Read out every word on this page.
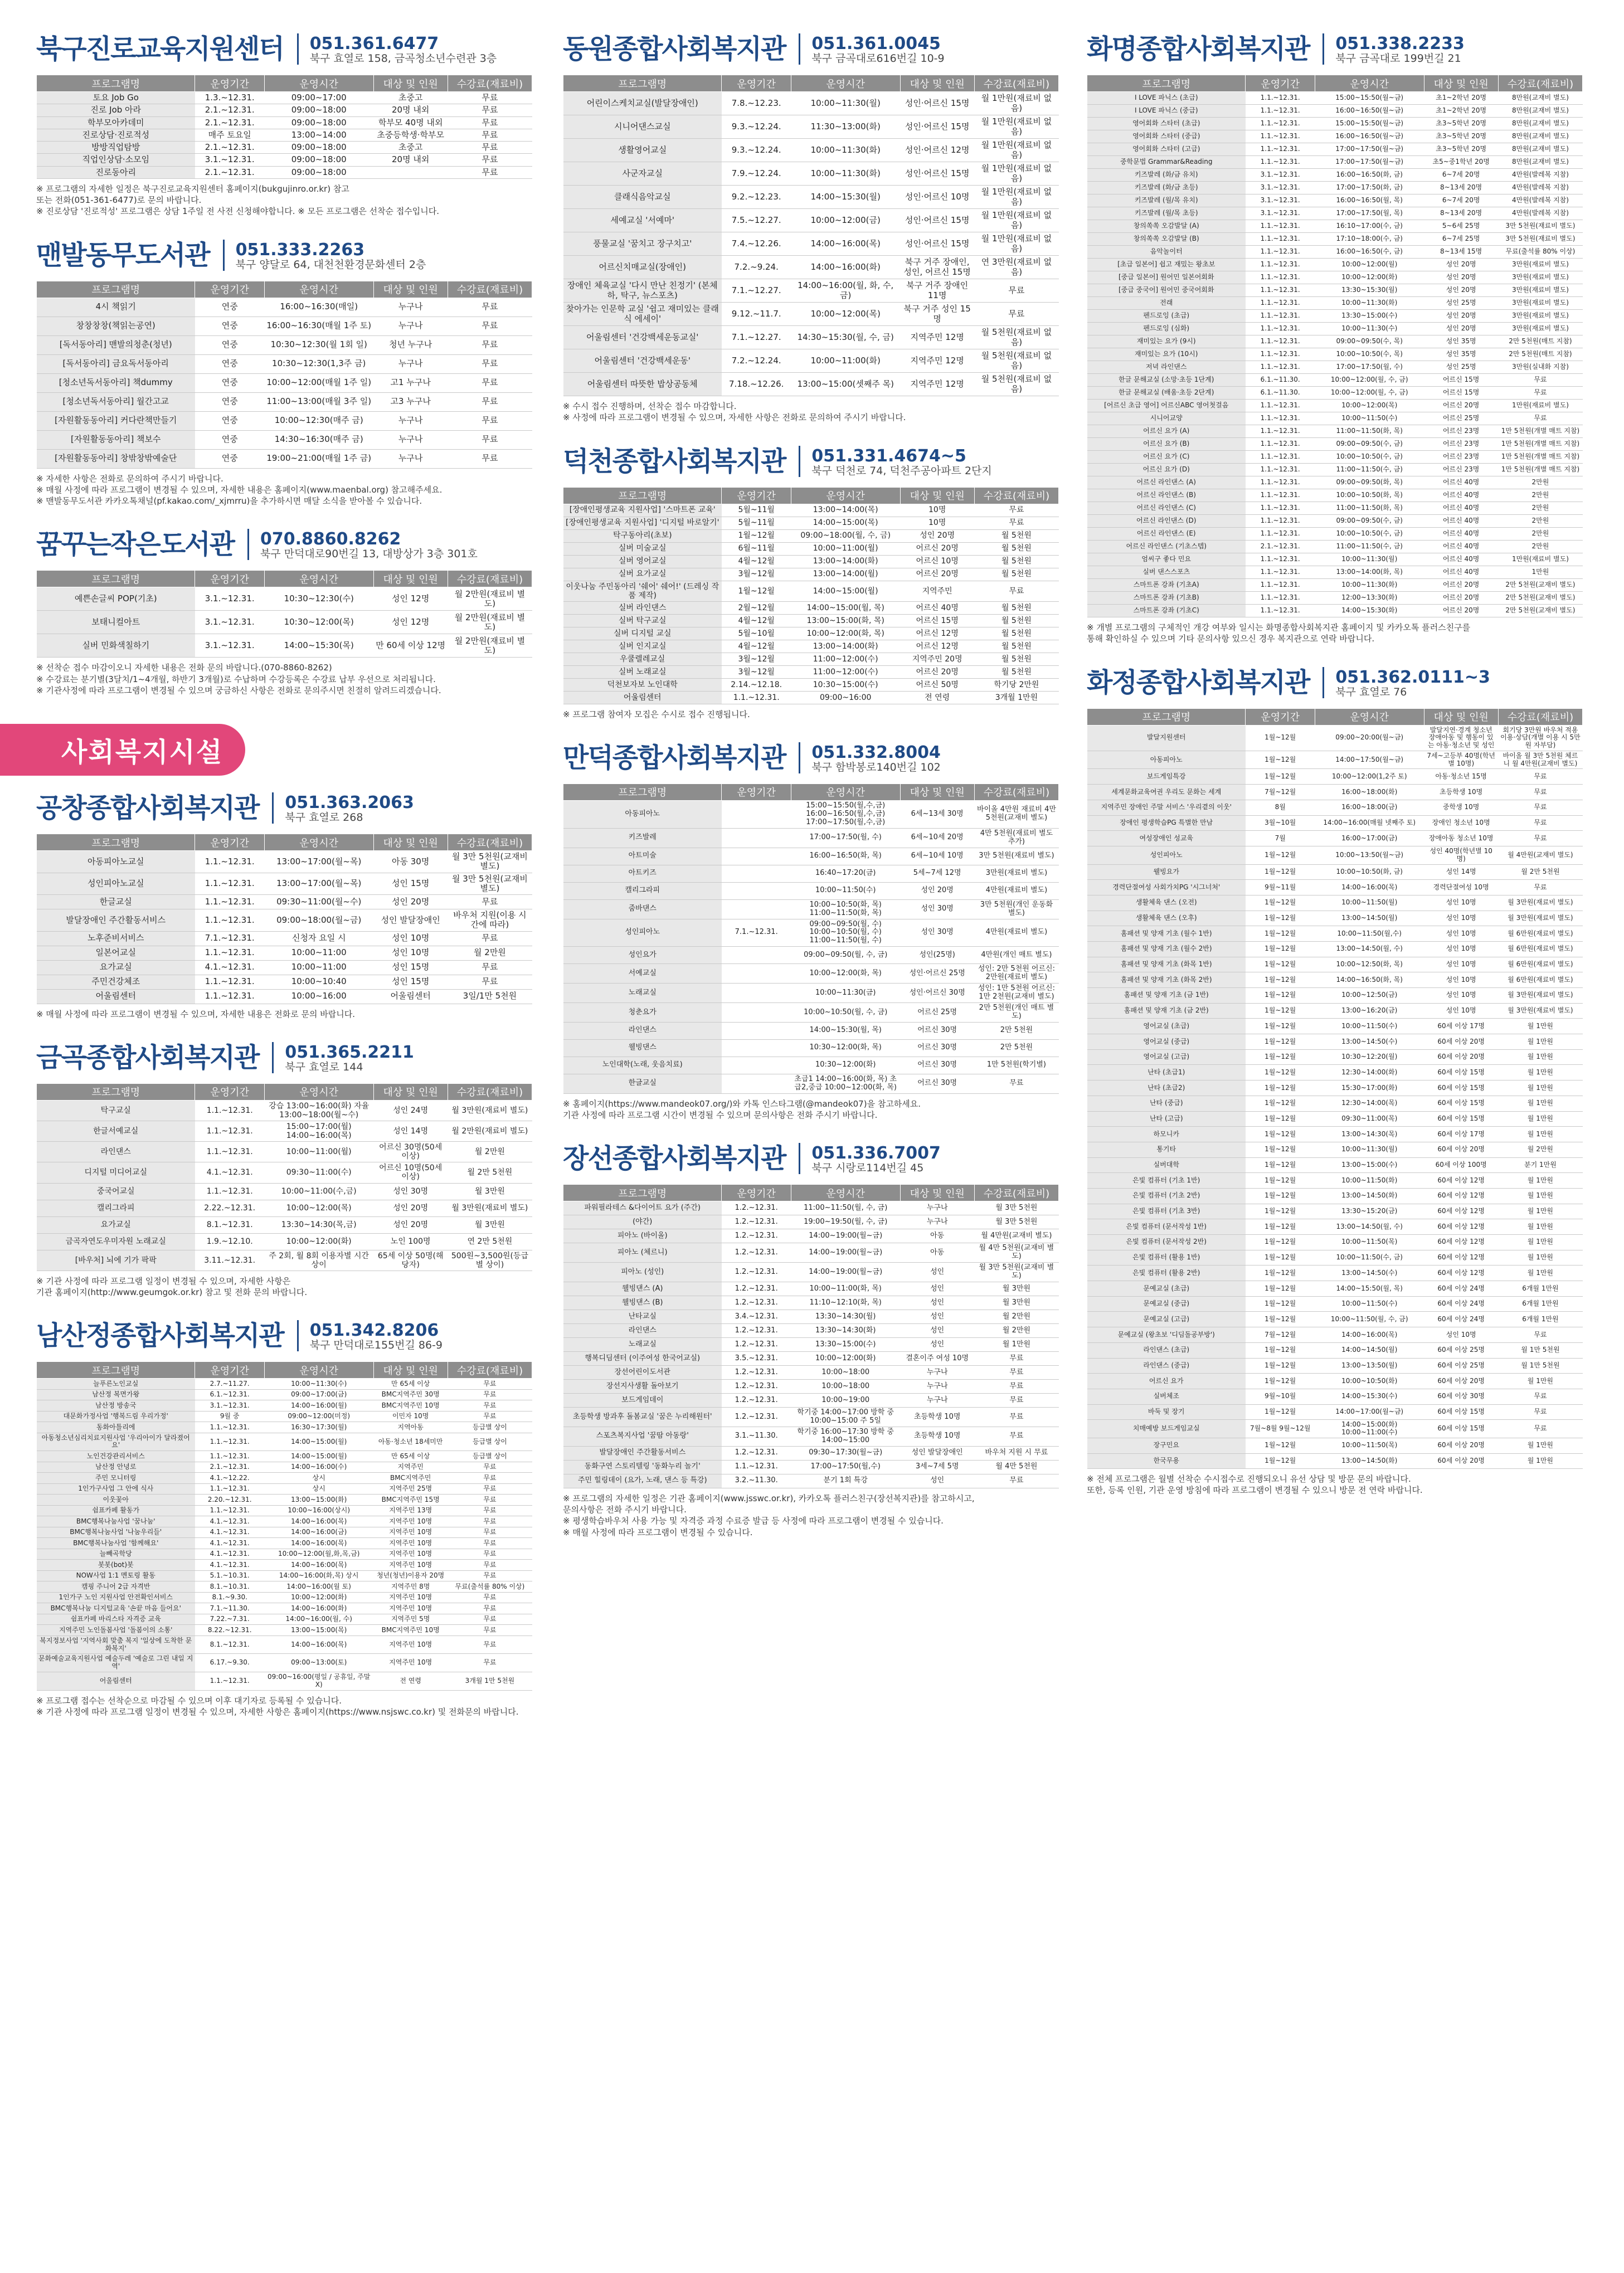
북구진로교육지원센터	051.361.6477
북구 효열로 158, 금곡청소년수련관 3층
프로그램명	운영기간	운영시간	대상 및 인원	수강료(재료비)
토요 Job Go	1.3.~12.31.	09:00~17:00	초중고	무료
진로 Job 아라	2.1.~12.31.	09:00~18:00	20명 내외	무료
학부모아카데미	2.1.~12.31.	09:00~18:00	학부모 40명 내외	무료
진로상담·진로적성	매주 토요일	13:00~14:00	초중등학생·학부모	무료
방방직업탐방	2.1.~12.31.	09:00~18:00	초중고	무료
직업인상담·소모임	3.1.~12.31.	09:00~18:00	20명 내외	무료
진로동아리	2.1.~12.31.	09:00~18:00		무료
※ 프로그램의 자세한 일정은 북구진로교육지원센터 홈페이지(bukgujinro.or.kr) 참고
또는 전화(051-361-6477)로 문의 바랍니다.
※ 진로상담 '진로적성' 프로그램은 상담 1주일 전 사전 신청해야합니다. ※ 모든 프로그램은 선착순 접수입니다.
맨발동무도서관	051.333.2263
북구 양달로 64, 대천천환경문화센터 2층
프로그램명	운영기간	운영시간	대상 및 인원	수강료(재료비)
4시 책읽기	연중	16:00~16:30(매일)	누구나	무료
창창창창(책읽는공연)	연중	16:00~16:30(매월 1주 토)	누구나	무료
[독서동아리] 맨발의청춘(청년)	연중	10:30~12:30(월 1회 일)	청년 누구나	무료
[독서동아리] 금요독서동아리	연중	10:30~12:30(1,3주 금)	누구나	무료
[청소년독서동아리] 책dummy	연중	10:00~12:00(매월 1주 일)	고1 누구나	무료
[청소년독서동아리] 월간고교	연중	11:00~13:00(매월 3주 일)	고3 누구나	무료
[자원활동동아리] 커다란책만들기	연중	10:00~12:30(매주 금)	누구나	무료
[자원활동동아리] 책보수	연중	14:30~16:30(매주 금)	누구나	무료
[자원활동동아리] 창밖창밖예술단	연중	19:00~21:00(매월 1주 금)	누구나	무료
※ 자세한 사항은 전화로 문의하여 주시기 바랍니다.
※ 매월 사정에 따라 프로그램이 변경될 수 있으며, 자세한 내용은 홈페이지(www.maenbal.org) 참고해주세요.
※ 맨발동무도서관 카카오톡채널(pf.kakao.com/_xjmrru)을 추가하시면 매달 소식을 받아볼 수 있습니다.
꿈꾸는작은도서관	070.8860.8262
북구 만덕대로90번길 13, 대방상가 3층 301호
프로그램명	운영기간	운영시간	대상 및 인원	수강료(재료비)
예쁜손글씨 POP(기초)	3.1.~12.31.	10:30~12:30(수)	성인 12명	월 2만원(재료비 별도)
보태니컬아트	3.1.~12.31.	10:30~12:00(목)	성인 12명	월 2만원(재료비 별도)
실버 민화색칠하기	3.1.~12.31.	14:00~15:30(목)	만 60세 이상 12명	월 2만원(재료비 별도)
※ 선착순 접수 마감이오니 자세한 내용은 전화 문의 바랍니다.(070-8860-8262)
※ 수강료는 분기별(3달치/1~4개월, 하반기 3개월)로 수납하며 수강등록은 수강료 납부 우선으로 처리됩니다.
※ 기관사정에 따라 프로그램이 변경될 수 있으며 궁금하신 사항은 전화로 문의주시면 친절히 알려드리겠습니다.
사회복지시설
공창종합사회복지관	051.363.2063
북구 효열로 268
프로그램명	운영기간	운영시간	대상 및 인원	수강료(재료비)
아동피아노교실	1.1.~12.31.	13:00~17:00(월~목)	아동 30명	월 3만 5천원(교재비 별도)
성인피아노교실	1.1.~12.31.	13:00~17:00(월~목)	성인 15명	월 3만 5천원(교재비 별도)
한글교실	1.1.~12.31.	09:30~11:00(월~수)	성인 20명	무료
발달장애인 주간활동서비스	1.1.~12.31.	09:00~18:00(월~금)	성인 발달장애인	바우처 지원(이용 시간에 따라)
노후준비서비스	7.1.~12.31.	신청자 요일 시	성인 10명	무료
일본어교실	1.1.~12.31.	10:00~11:00	성인 10명	월 2만원
요가교실	4.1.~12.31.	10:00~11:00	성인 15명	무료
주민건강체조	1.1.~12.31.	10:00~10:40	성인 15명	무료
어울림센터	1.1.~12.31.	10:00~16:00	어울림센터	3일/1만 5천원
※ 매월 사정에 따라 프로그램이 변경될 수 있으며, 자세한 내용은 전화로 문의 바랍니다.
금곡종합사회복지관	051.365.2211
북구 효열로 144
프로그램명	운영기간	운영시간	대상 및 인원	수강료(재료비)
탁구교실	1.1.~12.31.	강습 13:00~16:00(화) 자율 13:00~18:00(월~수)	성인 24명	월 3만원(재료비 별도)
한글서예교실	1.1.~12.31.	15:00~17:00(월) 14:00~16:00(목)	성인 14명	월 2만원(재료비 별도)
라인댄스	1.1.~12.31.	10:00~11:00(월)	어르신 30명(50세 이상)	월 2만원
디지털 미디어교실	4.1.~12.31.	09:30~11:00(수)	어르신 10명(50세 이상)	월 2만 5천원
중국어교실	1.1.~12.31.	10:00~11:00(수,금)	성인 30명	월 3만원
캘리그라피	2.22.~12.31.	10:00~12:00(목)	성인 20명	월 3만원(재료비 별도)
요가교실	8.1.~12.31.	13:30~14:30(목,금)	성인 20명	월 3만원
금곡자연도우미자원 노래교실	1.9.~12.10.	10:00~12:00(화)	노인 100명	연 2만 5천원
[바우처] 뇌에 기가 팍팍	3.11.~12.31.	주 2회, 월 8회 이용자별 시간 상이	65세 이상 50명(해당자)	500원~3,500원(등급별 상이)
※ 기관 사정에 따라 프로그램 일정이 변경될 수 있으며, 자세한 사항은
기관 홈페이지(http://www.geumgok.or.kr) 참고 및 전화 문의 바랍니다.
남산정종합사회복지관	051.342.8206
북구 만덕대로155번길 86-9
프로그램명	운영기간	운영시간	대상 및 인원	수강료(재료비)
늘푸른노인교실	2.7.~11.27.	10:00~11:30(수)	만 65세 이상	무료
남산정 복면가왕	6.1.~12.31.	09:00~17:00(금)	BMC지역주민 30명	무료
남산정 방송국	3.1.~12.31.	14:00~16:00(월)	BMC지역주민 10명	무료
대문화가정사업 '행복드림 우리가정'	9월 중	09:00~12:00(미정)	이민자 10명	무료
동화아틀리에	1.1.~12.31.	16:30~17:30(월)	지역아동	등급별 상이
아동청소년심리치료지원사업 '우리아이가 달라졌어요'	1.1.~12.31.	14:00~15:00(월)	아동·청소년 18세미만	등급별 상이
노인건강관리서비스	1.1.~12.31.	14:00~15:00(월)	만 65세 이상	등급별 상이
남산정 안녕로	2.1.~12.31.	14:00~16:00(수)	지역주민	무료
주민 모니터링	4.1.~12.22.	상시	BMC지역주민	무료
1인가구사업 그 안에 식사	1.1.~12.31.	상시	지역주민 25명	무료
이웃꽃아	2.20.~12.31.	13:00~15:00(화)	BMC지역주민 15명	무료
쉼표카페 활동가	1.1.~12.31.	10:00~16:00(상시)	지역주민 13명	무료
BMC행복나눔사업 '꿈나눔'	4.1.~12.31.	14:00~16:00(목)	지역주민 10명	무료
BMC행복나눔사업 '나눔우리들'	4.1.~12.31.	14:00~16:00(금)	지역주민 10명	무료
BMC행복나눔사업 '함께해요'	4.1.~12.31.	14:00~16:00(목)	지역주민 10명	무료
늘빼곡학당	4.1.~12.31.	10:00~12:00(월,화,목,금)	지역주민 10명	무료
봇봇(bot)봇	4.1.~12.31.	14:00~16:00(목)	지역주민 10명	무료
NOW사업 1:1 멘토링 활동	5.1.~10.31.	14:00~16:00(화,목) 상시	청년(청년)이용자 20명	무료
캠핑 주니어 2급 자격반	8.1.~10.31.	14:00~16:00(월 토)	지역주민 8명	무료(출석률 80% 이상)
1인가구 노인 지원사업 안전확인서비스	8.1.~9.30.	10:00~12:00(화)	지역주민 10명	무료
BMC행복나눔 디지털교육 '손끝 마음 들어요'	7.1.~11.30.	14:00~16:00(화)	지역주민 10명	무료
쉼표카페 바리스타 자격증 교육	7.22.~7.31.	14:00~16:00(월, 수)	지역주민 5명	무료
지역주민 노인돌봄사업 '돌봄이의 소통'	8.22.~12.31.	13:00~15:00(목)	BMC지역주민 10명	무료
복지정보사업 '지역사회 맞춤 복지 '일상에 도착한 문화복지'	8.1.~12.31.	14:00~16:00(목)	지역주민 10명	무료
문화예술교육지원사업 예술두레 '예술로 그린 내일 지역'	6.17.~9.30.	09:00~13:00(토)	지역주민 10명	무료
어울림센터	1.1.~12.31.	09:00~16:00(평일 / 공휴일, 주말X)	전 연령	3개월 1만 5천원
※ 프로그램 접수는 선착순으로 마감될 수 있으며 이후 대기자로 등록될 수 있습니다.
※ 기관 사정에 따라 프로그램 일정이 변경될 수 있으며, 자세한 사항은 홈페이지(https://www.nsjswc.co.kr) 및 전화문의 바랍니다.
동원종합사회복지관	051.361.0045
북구 금곡대로616번길 10-9
프로그램명	운영기간	운영시간	대상 및 인원	수강료(재료비)
어린이스케치교실(발달장애인)	7.8.~12.23.	10:00~11:30(월)	성인·어르신 15명	월 1만원(재료비 없음)
시니어댄스교실	9.3.~12.24.	11:30~13:00(화)	성인·어르신 15명	월 1만원(재료비 없음)
생활영어교실	9.3.~12.24.	10:00~11:30(화)	성인·어르신 12명	월 1만원(재료비 없음)
사군자교실	7.9.~12.24.	10:00~11:30(화)	성인·어르신 15명	월 1만원(재료비 없음)
클래식음악교실	9.2.~12.23.	14:00~15:30(월)	성인·어르신 10명	월 1만원(재료비 없음)
세예교실 '서예마'	7.5.~12.27.	10:00~12:00(금)	성인·어르신 15명	월 1만원(재료비 없음)
풍물교실 '꿈치고 장구치고'	7.4.~12.26.	14:00~16:00(목)	성인·어르신 15명	월 1만원(재료비 없음)
어르신치매교실(장애인)	7.2.~9.24.	14:00~16:00(화)	북구 거주 장애인, 성인, 어르신 15명	연 3만원(재료비 없음)
장애인 체육교실 '다시 만난 친정기' (본체하, 탁구, 뉴스포츠)	7.1.~12.27.	14:00~16:00(월, 화, 수, 금)	북구 거주 장애인 11명	무료
찾아가는 인문학 교실 '쉽고 재미있는 클래식 에세이'	9.12.~11.7.	10:00~12:00(목)	북구 거주 성인 15명	무료
어울림센터 '건강백세운동교실'	7.1.~12.27.	14:30~15:30(월, 수, 금)	지역주민 12명	월 5천원(재료비 없음)
어울림센터 '건강백세운동'	7.2.~12.24.	10:00~11:00(화)	지역주민 12명	월 5천원(재료비 없음)
어울림센터 따뜻한 밥상공동체	7.18.~12.26.	13:00~15:00(셋째주 목)	지역주민 12명	월 5천원(재료비 없음)
※ 수시 접수 진행하며, 선착순 접수 마감합니다.
※ 사정에 따라 프로그램이 변경될 수 있으며, 자세한 사항은 전화로 문의하여 주시기 바랍니다.
덕천종합사회복지관	051.331.4674~5
북구 덕천로 74, 덕천주공아파트 2단지
프로그램명	운영기간	운영시간	대상 및 인원	수강료(재료비)
[장애인평생교육 지원사업] '스마트폰 교육'	5월~11월	13:00~14:00(목)	10명	무료
[장애인평생교육 지원사업] '디지털 바로알기'	5월~11월	14:00~15:00(목)	10명	무료
탁구동아리(초보)	1월~12월	09:00~18:00(월, 수, 금)	성인 20명	월 5천원
실버 미술교실	6월~11월	10:00~11:00(월)	어르신 20명	월 5천원
실버 영어교실	4월~12월	13:00~14:00(화)	어르신 10명	월 5천원
실버 요가교실	3월~12월	13:00~14:00(월)	어르신 20명	월 5천원
이웃나눔 주민동아리 '쉐어' 쉐어!' (드레싱 작품 제작)	1월~12월	14:00~15:00(월)	지역주민	무료
실버 라인댄스	2월~12월	14:00~15:00(월, 목)	어르신 40명	월 5천원
실버 탁구교실	4월~12월	13:00~15:00(화, 목)	어르신 15명	월 5천원
실버 디지털 교실	5월~10월	10:00~12:00(화, 목)	어르신 12명	월 5천원
실버 인지교실	4월~12월	13:00~14:00(화)	어르신 12명	월 5천원
우쿨렐레교실	3월~12월	11:00~12:00(수)	지역주민 20명	월 5천원
실버 노래교실	3월~12월	11:00~12:00(수)	어르신 20명	월 5천원
덕천보자보 노인대학	2.14.~12.18.	10:30~15:00(수)	어르신 50명	학기당 2만원
어울림센터	1.1.~12.31.	09:00~16:00	전 연령	3개월 1만원
※ 프로그램 참여자 모집은 수시로 접수 진행됩니다.
만덕종합사회복지관	051.332.8004
북구 함박봉로140번길 102
프로그램명	운영기간	운영시간	대상 및 인원	수강료(재료비)
아동피아노		15:00~15:50(월,수,금) 16:00~16:50(월,수,금) 17:00~17:50(월,수,금)	6세~13세 30명	바이올 4만원 재료비 4만 5천원(교재비 별도)
키즈발레		17:00~17:50(월, 수)	6세~10세 20명	4만 5천원(재료비 별도 추가)
아트미술		16:00~16:50(화, 목)	6세~10세 10명	3만 5천원(재료비 별도)
아트키즈		16:40~17:20(금)	5세~7세 12명	3만원(재료비 별도)
캘리그라피		10:00~11:50(수)	성인 20명	4만원(재료비 별도)
줌바댄스		10:00~10:50(화, 목) 11:00~11:50(화, 목)	성인 30명	3만 5천원(개인 운동화 별도)
성인피아노	7.1.~12.31.	09:00~09:50(월, 수) 10:00~10:50(월, 수) 11:00~11:50(월, 수)	성인 30명	4만원(재료비 별도)
성인요가		09:00~09:50(월, 수, 금)	성인(25명)	4만원(개인 매트 별도)
서예교실		10:00~12:00(화, 목)	성인·어르신 25명	성인: 2만 5천원 어르신: 2만원(재료비 별도)
노래교실		10:00~11:30(금)	성인·어르신 30명	성인: 1만 5천원 어르신: 1만 2천원(교재비 별도)
청춘요가		10:00~10:50(월, 수, 금)	어르신 25명	2만 5천원(개인 매트 별도)
라인댄스		14:00~15:30(월, 목)	어르신 30명	2만 5천원
웰빙댄스		10:30~12:00(화, 목)	어르신 30명	2만 5천원
노인대학(노래, 웃음치료)		10:30~12:00(화)	어르신 30명	1만 5천원(학기별)
한글교실		초급1 14:00~16:00(화, 목) 초급2,중급 10:00~12:00(화, 목)	어르신 30명	무료
※ 홈페이지(https://www.mandeok07.org/)와 카톡 인스타그램(@mandeok07)을 참고하세요.
기관 사정에 따라 프로그램 시간이 변경될 수 있으며 문의사항은 전화 주시기 바랍니다.
장선종합사회복지관	051.336.7007
북구 시랑로114번길 45
프로그램명	운영기간	운영시간	대상 및 인원	수강료(재료비)
파워필라테스 &다이어트 요가 (주간)	1.2.~12.31.	11:00~11:50(월, 수, 금)	누구나	월 3만 5천원
(야간)	1.2.~12.31.	19:00~19:50(월, 수, 금)	누구나	월 3만 5천원
피아노 (바이올)	1.2.~12.31.	14:00~19:00(월~금)	아동	월 4만원(교재비 별도)
피아노 (체르니)	1.2.~12.31.	14:00~19:00(월~금)	아동	월 4만 5천원(교재비 별도)
피아노 (성인)	1.2.~12.31.	14:00~19:00(월~금)	성인	월 3만 5천원(교재비 별도)
웰빙댄스 (A)	1.2.~12.31.	10:00~11:00(화, 목)	성인	월 3만원
웰빙댄스 (B)	1.2.~12.31.	11:10~12:10(화, 목)	성인	월 3만원
난타교실	3.4.~12.31.	13:30~14:30(월)	성인	월 2만원
라인댄스	1.2.~12.31.	13:30~14:30(화)	성인	월 2만원
노래교실	1.2.~12.31.	13:30~15:00(수)	성인	월 1만원
행복디딤센터 (이주여성 한국어교실)	3.5.~12.31.	10:00~12:00(화)	결혼이주 여성 10명	무료
장선어린이도서관	1.2.~12.31.	10:00~18:00	누구나	무료
장선지사생활 돌아보기	1.2.~12.31.	10:00~18:00	누구나	무료
보드게임데이	1.2.~12.31.	10:00~19:00	누구나	무료
초등학생 방과후 돌봄교실 '꿈은 누리해원터'	1.2.~12.31.	학기중 14:00~17:00 방학 중 10:00~15:00 주 5일	초등학생 10명	무료
스포츠복지사업 '꿈땀 아동랑'	3.1.~11.30.	학기중 16:00~17:30 방학 중 14:00~15:00	초등학생 10명	무료
발달장애인 주간활동서비스	1.2.~12.31.	09:30~17:30(월~금)	성인 발달장애인	바우처 지원 시 무료
동화구연 스토리텔링 '동화누리 놀기'	1.1.~12.31.	17:00~17:50(월,수)	3세~7세 5명	월 4만 5천원
주민 힐링데이 (요가, 노래, 댄스 등 특강)	3.2.~11.30.	분기 1회 특강	성인	무료
※ 프로그램의 자세한 일정은 기관 홈페이지(www.jsswc.or.kr), 카카오톡 플러스친구(장선복지관)를 참고하시고,
문의사항은 전화 주시기 바랍니다.
※ 평생학습바우처 사용 가능 및 자격증 과정 수료증 발급 등 사정에 따라 프로그램이 변경될 수 있습니다.
※ 매월 사정에 따라 프로그램이 변경될 수 있습니다.
화명종합사회복지관	051.338.2233
북구 금곡대로 199번길 21
프로그램명	운영기간	운영시간	대상 및 인원	수강료(재료비)
I LOVE 파닉스 (초급)	1.1.~12.31.	15:00~15:50(월~금)	초1~2학년 20명	8만원(교재비 별도)
I LOVE 파닉스 (중급)	1.1.~12.31.	16:00~16:50(월~금)	초1~2학년 20명	8만원(교재비 별도)
영어회화 스타터 (초급)	1.1.~12.31.	15:00~15:50(월~금)	초3~5학년 20명	8만원(교재비 별도)
영어회화 스타터 (중급)	1.1.~12.31.	16:00~16:50(월~금)	초3~5학년 20명	8만원(교재비 별도)
영어회화 스타터 (고급)	1.1.~12.31.	17:00~17:50(월~금)	초3~5학년 20명	8만원(교재비 별도)
중학문법 Grammar&Reading	1.1.~12.31.	17:00~17:50(월~금)	초5~중1학년 20명	8만원(교재비 별도)
키즈발레 (화/금 유치)	3.1.~12.31.	16:00~16:50(화, 금)	6~7세 20명	4만원(발레복 지참)
키즈발레 (화/금 초등)	3.1.~12.31.	17:00~17:50(화, 금)	8~13세 20명	4만원(발레복 지참)
키즈발레 (월/목 유치)	3.1.~12.31.	16:00~16:50(월, 목)	6~7세 20명	4만원(발레복 지참)
키즈발레 (월/목 초등)	3.1.~12.31.	17:00~17:50(월, 목)	8~13세 20명	4만원(발레복 지참)
창의쏙쏙 오감발달 (A)	1.1.~12.31.	16:10~17:00(수, 금)	5~6세 25명	3만 5천원(재료비 별도)
창의쏙쏙 오감발달 (B)	1.1.~12.31.	17:10~18:00(수, 금)	6~7세 25명	3만 5천원(재료비 별도)
음악놀이터	1.1.~12.31.	16:00~16:50(수, 금)	8~13세 15명	무료(출석률 80% 이상)
[초급 일본어] 쉽고 재밌는 왕초보	1.1.~12.31.	10:00~12:00(월)	성인 20명	3만원(재료비 별도)
[중급 일본어] 원어민 일본어회화	1.1.~12.31.	10:00~12:00(화)	성인 20명	3만원(재료비 별도)
[중급 중국어] 원어민 중국어회화	1.1.~12.31.	13:30~15:30(월)	성인 20명	3만원(재료비 별도)
전래	1.1.~12.31.	10:00~11:30(화)	성인 25명	3만원(재료비 별도)
펜드로잉 (초급)	1.1.~12.31.	13:30~15:00(수)	성인 20명	3만원(재료비 별도)
펜드로잉 (심화)	1.1.~12.31.	10:00~11:30(수)	성인 20명	3만원(재료비 별도)
재미있는 요가 (9시)	1.1.~12.31.	09:00~09:50(수, 목)	성인 35명	2만 5천원(매트 지참)
재미있는 요가 (10시)	1.1.~12.31.	10:00~10:50(수, 목)	성인 35명	2만 5천원(매트 지참)
저녁 라인댄스	1.1.~12.31.	17:00~17:50(월, 수)	성인 25명	3만원(실내화 지참)
한글 문해교실 (소망·초등 1단계)	6.1.~11.30.	10:00~12:00(월, 수, 금)	어르신 15명	무료
한글 문해교실 (배움·초등 2단계)	6.1.~11.30.	10:00~12:00(월, 수, 금)	어르신 15명	무료
[어르신 초급 영어] 어르신ABC 영어첫걸음	1.1.~12.31.	10:00~12:00(목)	어르신 20명	1만원(재료비 별도)
시니어교양	1.1.~12.31.	10:00~11:50(수)	어르신 25명	무료
어르신 요가 (A)	1.1.~12.31.	11:00~11:50(화, 목)	어르신 23명	1만 5천원(개별 매트 지참)
어르신 요가 (B)	1.1.~12.31.	09:00~09:50(수, 금)	어르신 23명	1만 5천원(개별 매트 지참)
어르신 요가 (C)	1.1.~12.31.	10:00~10:50(수, 금)	어르신 23명	1만 5천원(개별 매트 지참)
어르신 요가 (D)	1.1.~12.31.	11:00~11:50(수, 금)	어르신 23명	1만 5천원(개별 매트 지참)
어르신 라인댄스 (A)	1.1.~12.31.	09:00~09:50(화, 목)	어르신 40명	2만원
어르신 라인댄스 (B)	1.1.~12.31.	10:00~10:50(화, 목)	어르신 40명	2만원
어르신 라인댄스 (C)	1.1.~12.31.	11:00~11:50(화, 목)	어르신 40명	2만원
어르신 라인댄스 (D)	1.1.~12.31.	09:00~09:50(수, 금)	어르신 40명	2만원
어르신 라인댄스 (E)	1.1.~12.31.	10:00~10:50(수, 금)	어르신 40명	2만원
어르신 라인댄스 (기초스텝)	2.1.~12.31.	11:00~11:50(수, 금)	어르신 40명	2만원
엄씨구 좋다 민요	1.1.~12.31.	10:00~11:30(월)	어르신 40명	1만원(재료비 별도)
실버 댄스스포츠	1.1.~12.31.	13:00~14:00(화, 목)	어르신 40명	1만원
스마트폰 강좌 (기초A)	1.1.~12.31.	10:00~11:30(화)	어르신 20명	2만 5천원(교재비 별도)
스마트폰 강좌 (기초B)	1.1.~12.31.	12:00~13:30(화)	어르신 20명	2만 5천원(교재비 별도)
스마트폰 강좌 (기초C)	1.1.~12.31.	14:00~15:30(화)	어르신 20명	2만 5천원(교재비 별도)
※ 개별 프로그램의 구체적인 개강 여부와 일시는 화명종합사회복지관 홈페이지 및 카카오톡 플러스친구를
통해 확인하실 수 있으며 기타 문의사항 있으신 경우 복지관으로 연락 바랍니다.
화정종합사회복지관	051.362.0111~3
북구 효열로 76
프로그램명	운영기간	운영시간	대상 및 인원	수강료(재료비)
발달지원센터	1월~12월	09:00~20:00(월~금)	발달지연·경계 청소년 장애아동 및 행동이 있는 아동·청소년 및 성인	회기당 3만원 바우처 적용 이용·상담(개별 이용 시 5만원 자부담)
아동피아노	1월~12월	14:00~17:50(월~금)	7세~고등부 40명(학년별 10명)	바이올 월 3만 5천원 체르니 월 4만원(교재비 별도)
보드게임특강	1월~12월	10:00~12:00(1,2주 토)	아동·청소년 15명	무료
세계문화교육여권 우리도 문화는 세계	7월~12월	16:00~18:00(화)	초등학생 10명	무료
지역주민 장애인 주말 서비스 '우리곁의 이웃'	8월	16:00~18:00(금)	중학생 10명	무료
장애인 평생학습PG 특별한 만남	3월~10월	14:00~16:00(매월 넷째주 토)	장애인 청소년 10명	무료
여성장애인 성교육	7월	16:00~17:00(금)	장애아동 청소년 10명	무료
성인피아노	1월~12월	10:00~13:50(월~금)	성인 40명(학년별 10명)	월 4만원(교재비 별도)
웰빙요가	1월~12월	10:00~10:50(화, 금)	성인 14명	월 2만 5천원
경력단절여성 사회가치PG '시그너처'	9월~11월	14:00~16:00(목)	경력단절여성 10명	무료
생활체육 댄스 (오전)	1월~12월	10:00~11:50(월)	성인 10명	월 3만원(재료비 별도)
생활체육 댄스 (오후)	1월~12월	13:00~14:50(월)	성인 10명	월 3만원(재료비 별도)
홈패션 및 양재 기초 (월수 1반)	1월~12월	10:00~11:50(월,수)	성인 10명	월 6만원(재료비 별도)
홈패션 및 양재 기초 (월수 2반)	1월~12월	13:00~14:50(월, 수)	성인 10명	월 6만원(재료비 별도)
홈패션 및 양재 기초 (화목 1반)	1월~12월	10:00~12:50(화, 목)	성인 10명	월 6만원(재료비 별도)
홈패션 및 양재 기초 (화목 2반)	1월~12월	14:00~16:50(화, 목)	성인 10명	월 6만원(재료비 별도)
홈패션 및 양재 기초 (금 1반)	1월~12월	10:00~12:50(금)	성인 10명	월 3만원(재료비 별도)
홈패션 및 양재 기초 (금 2반)	1월~12월	13:00~16:20(금)	성인 10명	월 3만원(재료비 별도)
영어교실 (초급)	1월~12월	10:00~11:50(수)	60세 이상 17명	월 1만원
영어교실 (중급)	1월~12월	13:00~14:50(수)	60세 이상 20명	월 1만원
영어교실 (고급)	1월~12월	10:30~12:20(월)	60세 이상 20명	월 1만원
난타 (초급1)	1월~12월	12:30~14:00(화)	60세 이상 15명	월 1만원
난타 (초급2)	1월~12월	15:30~17:00(화)	60세 이상 15명	월 1만원
난타 (중급)	1월~12월	12:30~14:00(목)	60세 이상 15명	월 1만원
난타 (고급)	1월~12월	09:30~11:00(목)	60세 이상 15명	월 1만원
하모니카	1월~12월	13:00~14:30(목)	60세 이상 17명	월 1만원
통기타	1월~12월	10:00~11:30(월)	60세 이상 20명	월 2만원
실버대학	1월~12월	13:00~15:00(수)	60세 이상 100명	분기 1만원
은빛 컴퓨터 (기초 1반)	1월~12월	10:00~11:50(화)	60세 이상 12명	월 1만원
은빛 컴퓨터 (기초 2반)	1월~12월	13:00~14:50(화)	60세 이상 12명	월 1만원
은빛 컴퓨터 (기초 3반)	1월~12월	13:30~15:20(금)	60세 이상 12명	월 1만원
은빛 컴퓨터 (문서작성 1반)	1월~12월	13:00~14:50(월, 수)	60세 이상 12명	월 1만원
은빛 컴퓨터 (문서작성 2반)	1월~12월	10:00~11:50(목)	60세 이상 12명	월 1만원
은빛 컴퓨터 (활용 1반)	1월~12월	10:00~11:50(수, 금)	60세 이상 12명	월 1만원
은빛 컴퓨터 (활용 2반)	1월~12월	13:00~14:50(수)	60세 이상 12명	월 1만원
문예교실 (초급)	1월~12월	14:00~15:50(월, 목)	60세 이상 24명	6개월 1만원
문예교실 (중급)	1월~12월	10:00~11:50(수)	60세 이상 24명	6개월 1만원
문예교실 (고급)	1월~12월	10:00~11:50(월, 수, 금)	60세 이상 24명	6개월 1만원
문예교실 (왕초보 '디딤돌공부방')	7월~12월	14:00~16:00(목)	성인 10명	무료
라인댄스 (초급)	1월~12월	14:00~14:50(월)	60세 이상 25명	월 1만 5천원
라인댄스 (중급)	1월~12월	13:00~13:50(월)	60세 이상 25명	월 1만 5천원
어르신 요가	1월~12월	10:00~10:50(화)	60세 이상 20명	월 1만원
실버체조	9월~10월	14:00~15:30(수)	60세 이상 30명	무료
바둑 및 장기	1월~12월	14:00~17:00(월~금)	60세 이상 15명	무료
치매예방 보드게임교실	7월~8월 9월~12월	14:00~15:00(화) 10:00~11:00(수)	60세 이상 15명	무료
장구민요	1월~12월	10:00~11:50(목)	60세 이상 20명	월 1만원
한국무용	1월~12월	13:00~14:50(화)	60세 이상 20명	월 1만원
※ 전체 프로그램은 월별 선착순 수시접수로 진행되오니 유선 상담 및 방문 문의 바랍니다.
또한, 등록 인원, 기관 운영 방침에 따라 프로그램이 변경될 수 있으니 방문 전 연락 바랍니다.
